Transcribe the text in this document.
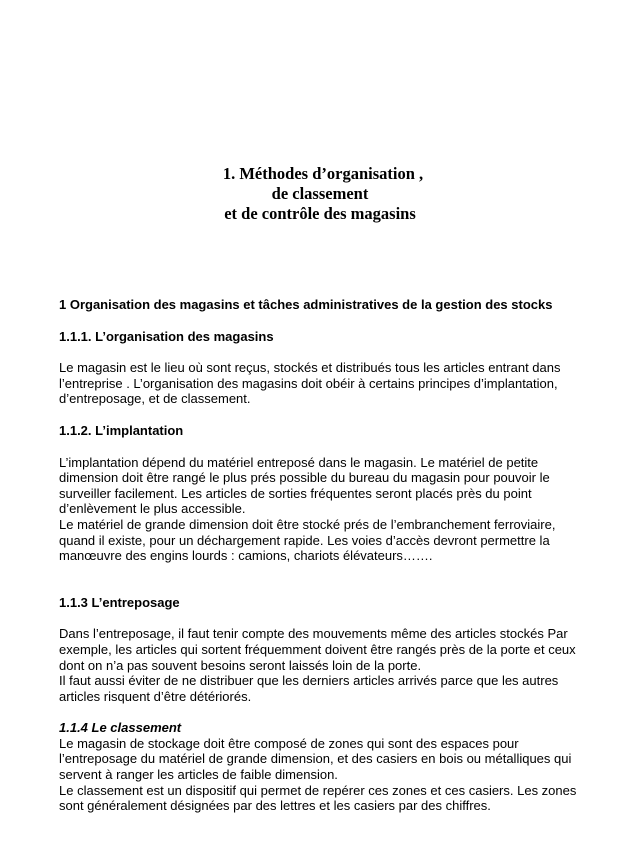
1. Méthodes d’organisation ,
de classement
et de contrôle des magasins
1 Organisation des magasins et tâches administratives de la gestion des stocks
1.1.1. L’organisation des magasins
Le magasin est le lieu où sont reçus, stockés et distribués tous les articles entrant dans
l’entreprise . L’organisation des magasins doit obéir à certains principes d’implantation,
d’entreposage, et de classement.
1.1.2. L’implantation
L’implantation dépend du matériel entreposé dans le magasin. Le matériel de petite
dimension doit être rangé le plus prés possible du bureau du magasin pour pouvoir le
surveiller facilement. Les articles de sorties fréquentes seront placés près du point
d’enlèvement le plus accessible.
Le matériel de grande dimension doit être stocké prés de l’embranchement ferroviaire,
quand il existe, pour un déchargement rapide. Les voies d’accès devront permettre la
manœuvre des engins lourds : camions, chariots élévateurs…….
1.1.3 L’entreposage
Dans l’entreposage, il faut tenir compte des mouvements même des articles stockés Par
exemple, les articles qui sortent fréquemment doivent être rangés près de la porte et ceux
dont on n’a pas souvent besoins seront laissés loin de la porte.
Il faut aussi éviter de ne distribuer que les derniers articles arrivés parce que les autres
articles risquent d’être détériorés.
1.1.4 Le classement
Le magasin de stockage doit être composé de zones qui sont des espaces pour
l’entreposage du matériel de grande dimension, et des casiers en bois ou métalliques qui
servent à ranger les articles de faible dimension.
Le classement est un dispositif qui permet de repérer ces zones et ces casiers. Les zones
sont généralement désignées par des lettres et les casiers par des chiffres.
